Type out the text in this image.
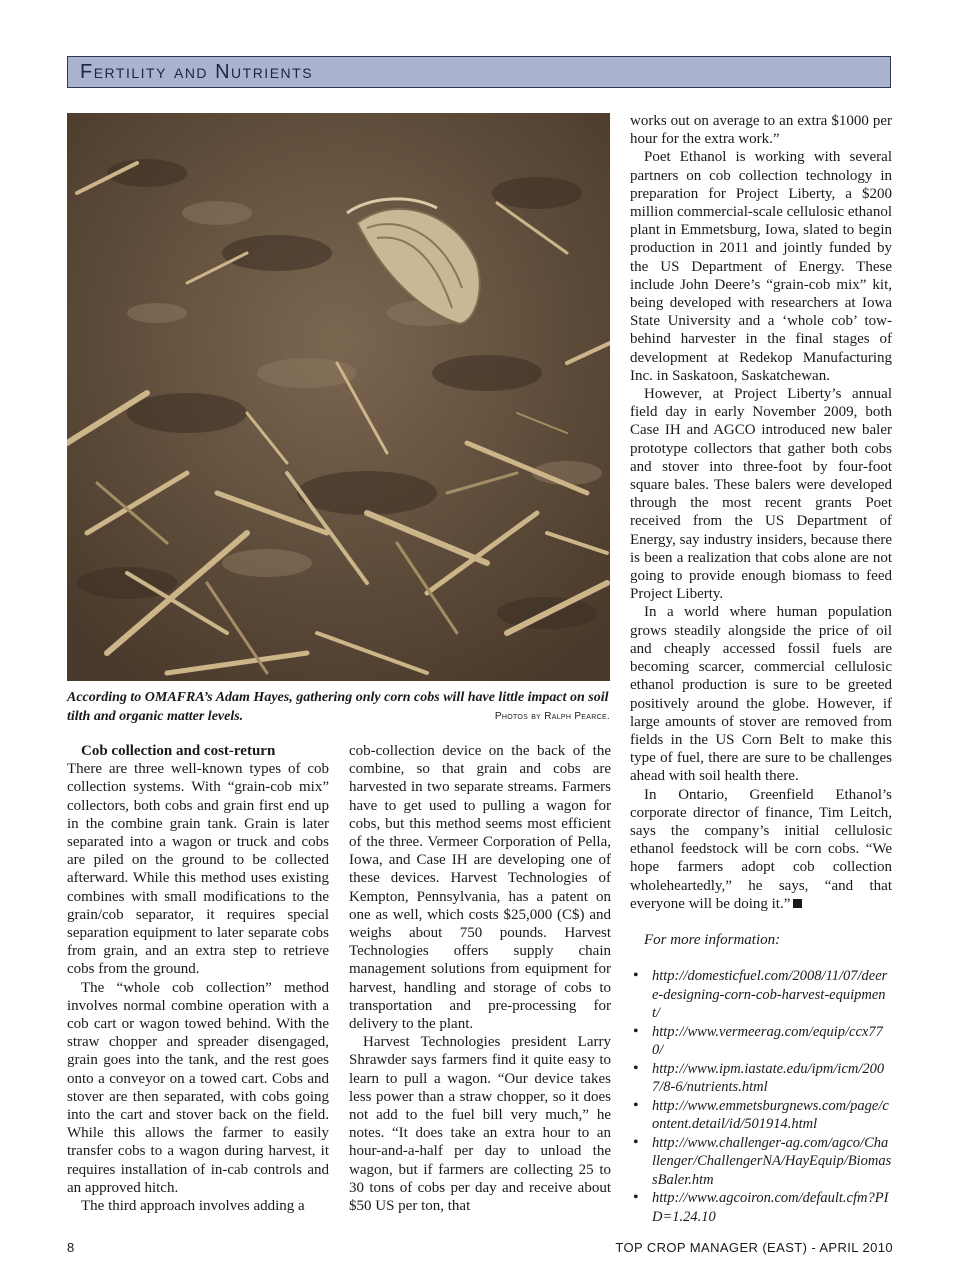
Fertility and Nutrients
According to OMAFRA’s Adam Hayes, gathering only corn cobs will have little impact on soil tilth and organic matter levels.	Photos by Ralph Pearce.

Cob collection and cost-return

There are three well-known types of cob collection systems. With “grain-cob mix” collectors, both cobs and grain first end up in the combine grain tank. Grain is later separated into a wagon or truck and cobs are piled on the ground to be collected afterward. While this method uses existing combines with small modifications to the grain/cob separator, it requires special separation equipment to later separate cobs from grain, and an extra step to retrieve cobs from the ground.

The “whole cob collection” method involves normal combine operation with a cob cart or wagon towed behind. With the straw chopper and spreader disengaged, grain goes into the tank, and the rest goes onto a conveyor on a towed cart. Cobs and stover are then separated, with cobs going into the cart and stover back on the field. While this allows the farmer to easily transfer cobs to a wagon during harvest, it requires installation of in-cab controls and an approved hitch.

The third approach involves adding a

cob-collection device on the back of the combine, so that grain and cobs are harvested in two separate streams. Farmers have to get used to pulling a wagon for cobs, but this method seems most efficient of the three. Vermeer Corporation of Pella, Iowa, and Case IH are developing one of these devices. Harvest Technologies of Kempton, Pennsylvania, has a patent on one as well, which costs $25,000 (C$) and weighs about 750 pounds. Harvest Technologies offers supply chain management solutions from equipment for harvest, handling and storage of cobs to transportation and pre-processing for delivery to the plant.

Harvest Technologies president Larry Shrawder says farmers find it quite easy to learn to pull a wagon. “Our device takes less power than a straw chopper, so it does not add to the fuel bill very much,” he notes. “It does take an extra hour to an hour-and-a-half per day to unload the wagon, but if farmers are collecting 25 to 30 tons of cobs per day and receive about $50 US per ton, that

works out on average to an extra $1000 per hour for the extra work.”

Poet Ethanol is working with several partners on cob collection technology in preparation for Project Liberty, a $200 million commercial-scale cellulosic ethanol plant in Emmetsburg, Iowa, slated to begin production in 2011 and jointly funded by the US Department of Energy. These include John Deere’s “grain-cob mix” kit, being developed with researchers at Iowa State University and a ‘whole cob’ tow-behind harvester in the final stages of development at Redekop Manufacturing Inc. in Saskatoon, Saskatchewan.

However, at Project Liberty’s annual field day in early November 2009, both Case IH and AGCO introduced new baler prototype collectors that gather both cobs and stover into three-foot by four-foot square bales. These balers were developed through the most recent grants Poet received from the US Department of Energy, say industry insiders, because there is been a realization that cobs alone are not going to provide enough biomass to feed Project Liberty.

In a world where human population grows steadily alongside the price of oil and cheaply accessed fossil fuels are becoming scarcer, commercial cellulosic ethanol production is sure to be greeted positively around the globe. However, if large amounts of stover are removed from fields in the US Corn Belt to make this type of fuel, there are sure to be challenges ahead with soil health there.

In Ontario, Greenfield Ethanol’s corporate director of finance, Tim Leitch, says the company’s initial cellulosic ethanol feedstock will be corn cobs. “We hope farmers adopt cob collection wholeheartedly,” he says, “and that everyone will be doing it.”

For more information:

• http://domesticfuel.com/2008/11/07/deere-designing-corn-cob-harvest-equipment/
• http://www.vermeerag.com/equip/ccx770/
• http://www.ipm.iastate.edu/ipm/icm/2007/8-6/nutrients.html
• http://www.emmetsburgnews.com/page/content.detail/id/501914.html
• http://www.challenger-ag.com/agco/Challenger/ChallengerNA/HayEquip/BiomassBaler.htm
• http://www.agcoiron.com/default.cfm?PID=1.24.10
8	TOP CROP MANAGER (EAST) - APRIL 2010
